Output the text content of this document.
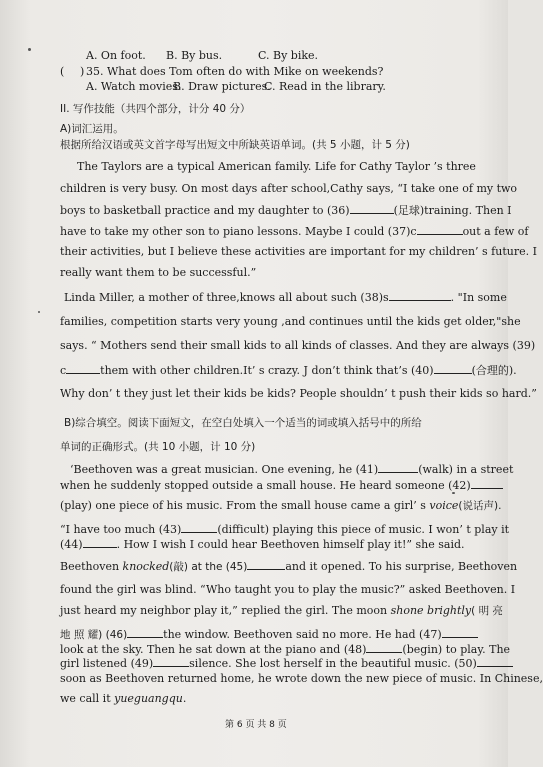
A. On foot. B. By bus.	C. By bike.
( ) 35. What does Tom often do with Mike on weekends?
A. Watch movies.
B. Draw pictures.
C. Read in the library.
II. 写作技能（共四个部分，计分 40 分）
A)词汇运用。
根据所给汉语或英文首字母写出短文中所缺英语单词。(共 5 小题，计 5 分)
The Taylors are a typical American family. Life for Cathy Taylor ’s three
children is very busy. On most days after school,Cathy says, “I take one of my two
boys to basketball practice and my daughter to (36)	(足球)training. Then I
have to take my other son to piano lessons. Maybe I could (37)c	out a few of
their activities, but I believe these activities are important for my children’ s future. I
really want them to be successful.”
Linda Miller, a mother of three,knows all about such (38)s	. "In some
families, competition starts very young ,and continues until the kids get older,"she
says. “ Mothers send their small kids to all kinds of classes. And they are always (39)
c	them with other children.It’ s crazy. J don’t think that’s (40)	(合理的).
Why don’ t they just let their kids be kids? People shouldn’ t push their kids so hard.”
B)综合填空。阅读下面短文，在空白处填入一个适当的词或填入括号中的所给
单词的正确形式。(共 10 小题，计 10 分)
‘Beethoven was a great musician. One evening, he (41)	(walk) in a street
when he suddenly stopped outside a small house. He heard someone (42)
(play) one piece of his music. From the small house came a girl’ s voice(说话声).
“I have too much (43)	(difficult) playing this piece of music. I won’ t play it
(44)	. How I wish I could hear Beethoven himself play it!” she said.
Beethoven knocked(敲) at the (45)	and it opened. To his surprise, Beethoven
found the girl was blind. “Who taught you to play the music?” asked Beethoven. I
just heard my neighbor play it,” replied the girl. The moon shone brightly( 明 亮
地 照 耀) (46)	the window. Beethoven said no more. He had (47)
look at the sky. Then he sat down at the piano and (48)	(begin) to play. The
girl listened (49)	silence. She lost herself in the beautiful music. (50)
soon as Beethoven returned home, he wrote down the new piece of music. In Chinese,
we call it yueguangqu.
第 6 页 共 8 页
